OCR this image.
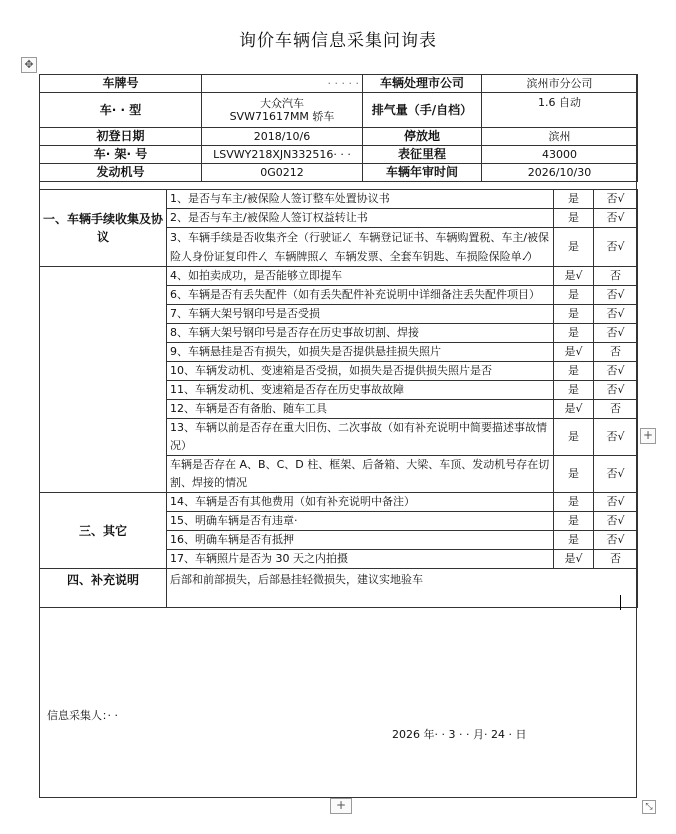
询价车辆信息采集问询表
✥
车牌号	· · · · ·	车辆处理市公司	滨州市分公司
车· · 型	大众汽车 SVW71617MM 轿车	排气量（手/自档）	1.6 自动
初登日期	2018/10/6	停放地	滨州
车· 架· 号	LSVWY218XJN332516· · ·	表征里程	43000
发动机号	0G0212	车辆年审时间	2026/10/30
一、车辆手续收集及协议	1、是否与车主/被保险人签订整车处置协议书	是	否√
	2、是否与车主/被保险人签订权益转让书	是	否√
	3、车辆手续是否收集齐全（行驶证.⁄、车辆登记证书、车辆购置税、车主/被保险人身份证复印件.⁄、车辆牌照.⁄、车辆发票、全套车钥匙、车损险保险单.⁄）	是	否√
	4、如拍卖成功，是否能够立即提车	是√	否
	6、车辆是否有丢失配件（如有丢失配件补充说明中详细备注丢失配件项目）	是	否√
	7、车辆大架号钢印号是否受损	是	否√
	8、车辆大架号钢印号是否存在历史事故切割、焊接	是	否√
	9、车辆悬挂是否有损失，如损失是否提供悬挂损失照片	是√	否
	10、车辆发动机、变速箱是否受损，如损失是否提供损失照片是否	是	否√
	11、车辆发动机、变速箱是否存在历史事故故障	是	否√
	12、车辆是否有备胎、随车工具	是√	否
	13、车辆以前是否存在重大旧伤、二次事故（如有补充说明中简要描述事故情况）	是	否√
	车辆是否存在 A、B、C、D 柱、框架、后备箱、大梁、车顶、发动机号存在切割、焊接的情况	是	否√
三、其它	14、车辆是否有其他费用（如有补充说明中备注）	是	否√
	15、明确车辆是否有违章·	是	否√
	16、明确车辆是否有抵押	是	否√
	17、车辆照片是否为 30 天之内拍摄	是√	否
四、补充说明	后部和前部损失，后部悬挂轻微损失，建议实地验车		
信息采集人：· ·
2026 年· · 3 · · 月· 24 · 日
+
+	⤡
